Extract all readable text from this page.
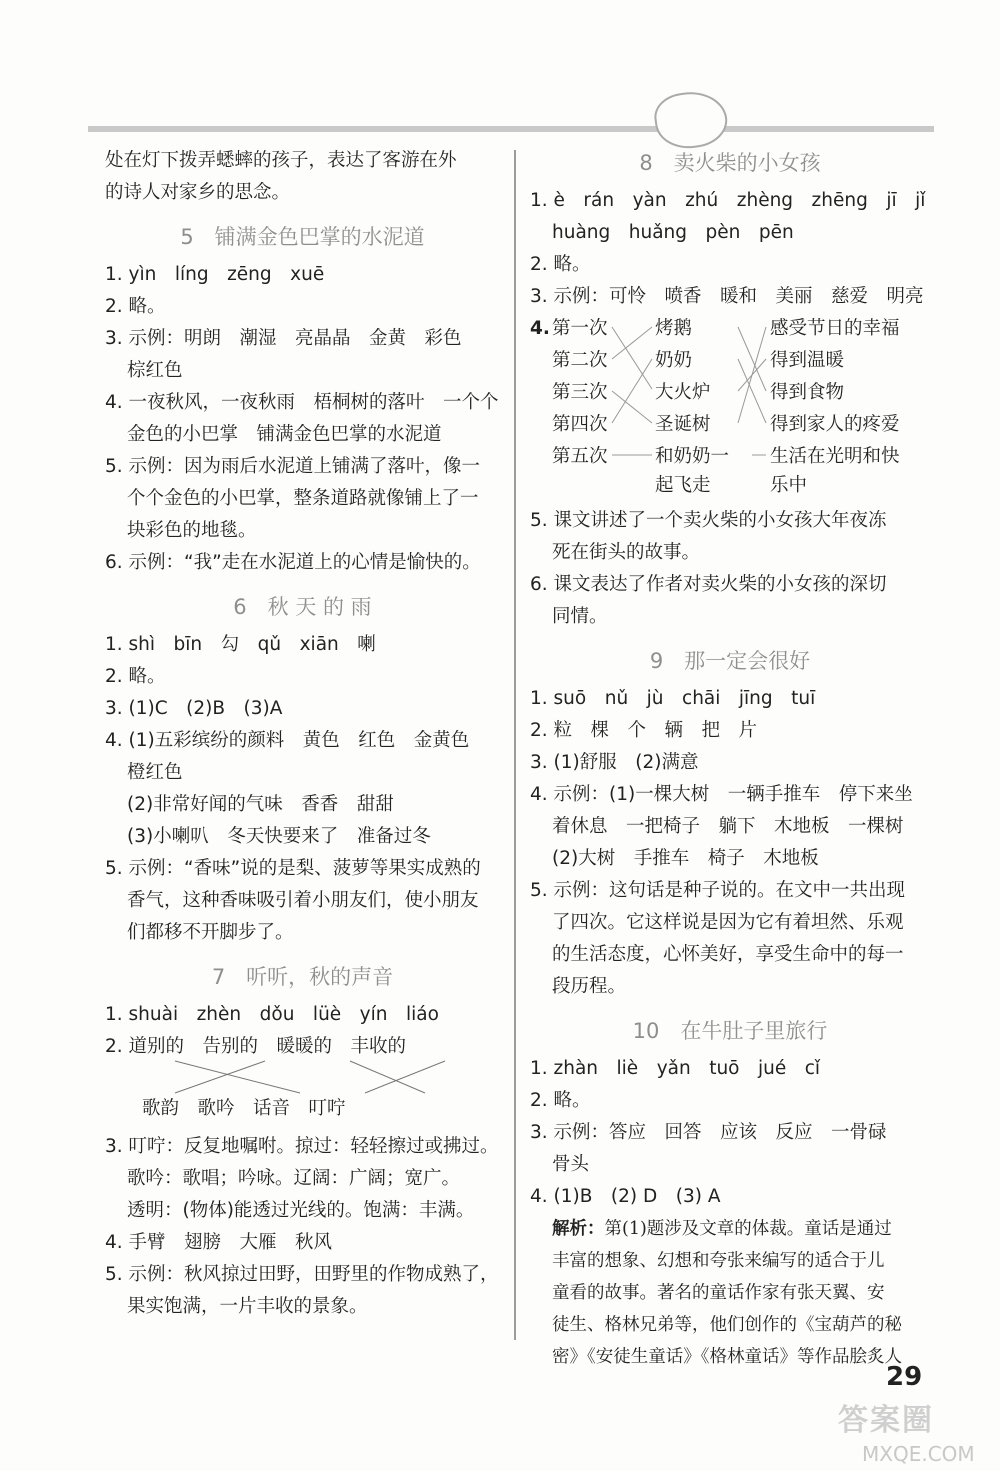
处在灯下拨弄蟋蟀的孩子，表达了客游在外

的诗人对家乡的思念。

5　铺满金色巴掌的水泥道

1. yìn　líng　zēng　xuē

2. 略。

3. 示例：明朗　潮湿　亮晶晶　金黄　彩色

棕红色

4. 一夜秋风，一夜秋雨　梧桐树的落叶　一个个

金色的小巴掌　铺满金色巴掌的水泥道

5. 示例：因为雨后水泥道上铺满了落叶，像一

个个金色的小巴掌，整条道路就像铺上了一

块彩色的地毯。

6. 示例：“我”走在水泥道上的心情是愉快的。

6　秋 天 的 雨

1. shì　bīn　勾　qǔ　xiān　喇

2. 略。

3. (1)C　(2)B　(3)A

4. (1)五彩缤纷的颜料　黄色　红色　金黄色

橙红色

(2)非常好闻的气味　香香　甜甜

(3)小喇叭　冬天快要来了　准备过冬

5. 示例：“香味”说的是梨、菠萝等果实成熟的

香气，这种香味吸引着小朋友们，使小朋友

们都移不开脚步了。

7　听听，秋的声音

1. shuài　zhèn　dǒu　lüè　yín　liáo

2. 道别的　告别的　暖暖的　丰收的

歌韵　歌吟　话音　叮咛

3. 叮咛：反复地嘱咐。掠过：轻轻擦过或拂过。

歌吟：歌唱；吟咏。辽阔：广阔；宽广。

透明：(物体)能透过光线的。饱满：丰满。

4. 手臂　翅膀　大雁　秋风

5. 示例：秋风掠过田野，田野里的作物成熟了，

果实饱满，一片丰收的景象。

8　卖火柴的小女孩

1. è　rán　yàn　zhú　zhèng　zhēng　jī　jǐ

huàng　huǎng　pèn　pēn

2. 略。

3. 示例：可怜　喷香　暖和　美丽　慈爱　明亮

4. 第一次

第二次

第三次

第四次

第五次

烤鹅

奶奶

大火炉

圣诞树

和奶奶一

起飞走

感受节日的幸福

得到温暖

得到食物

得到家人的疼爱

生活在光明和快

乐中

5. 课文讲述了一个卖火柴的小女孩大年夜冻

死在街头的故事。

6. 课文表达了作者对卖火柴的小女孩的深切

同情。

9　那一定会很好

1. suō　nǔ　jù　chāi　jīng　tuī

2. 粒　棵　个　辆　把　片

3. (1)舒服　(2)满意

4. 示例：(1)一棵大树　一辆手推车　停下来坐

着休息　一把椅子　躺下　木地板　一棵树

(2)大树　手推车　椅子　木地板

5. 示例：这句话是种子说的。在文中一共出现

了四次。它这样说是因为它有着坦然、乐观

的生活态度，心怀美好，享受生命中的每一

段历程。

10　在牛肚子里旅行

1. zhàn　liè　yǎn　tuō　jué　cǐ

2. 略。

3. 示例：答应　回答　应该　反应　一骨碌

骨头

4. (1)B　(2) D　(3) A

解析：第(1)题涉及文章的体裁。童话是通过

丰富的想象、幻想和夸张来编写的适合于儿

童看的故事。著名的童话作家有张天翼、安

徒生、格林兄弟等，他们创作的《宝葫芦的秘

密》《安徒生童话》《格林童话》等作品脍炙人

29
答案圈
MXQE.COM
